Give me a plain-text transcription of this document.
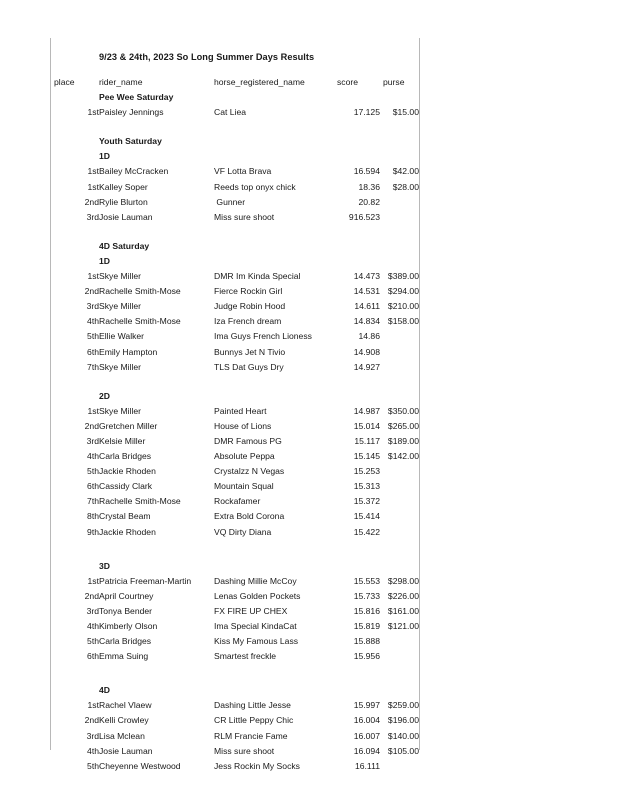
9/23 & 24th, 2023 So Long Summer Days Results
place	rider_name	horse_registered_name	score	purse
	Pee Wee Saturday			
1st	Paisley Jennings	Cat Liea	17.125	$15.00

	Youth Saturday			
	1D			
1st	Bailey McCracken	VF Lotta Brava	16.594	$42.00
1st	Kalley Soper	Reeds top onyx chick	18.36	$28.00
2nd	Rylie Blurton	Gunner	20.82	
3rd	Josie Lauman	Miss sure shoot	916.523	

	4D Saturday			
	1D			
1st	Skye Miller	DMR Im Kinda Special	14.473	$389.00
2nd	Rachelle Smith-Mose	Fierce Rockin Girl	14.531	$294.00
3rd	Skye Miller	Judge Robin Hood	14.611	$210.00
4th	Rachelle Smith-Mose	Iza French dream	14.834	$158.00
5th	Ellie Walker	Ima Guys French Lioness	14.86	
6th	Emily Hampton	Bunnys Jet N Tivio	14.908	
7th	Skye Miller	TLS Dat Guys Dry	14.927	

	2D			
1st	Skye Miller	Painted Heart	14.987	$350.00
2nd	Gretchen Miller	House of Lions	15.014	$265.00
3rd	Kelsie Miller	DMR Famous PG	15.117	$189.00
4th	Carla Bridges	Absolute Peppa	15.145	$142.00
5th	Jackie Rhoden	Crystalzz N Vegas	15.253	
6th	Cassidy Clark	Mountain Squal	15.313	
7th	Rachelle Smith-Mose	Rockafamer	15.372	
8th	Crystal Beam	Extra Bold Corona	15.414	
9th	Jackie Rhoden	VQ Dirty Diana	15.422	

	3D			
1st	Patricia Freeman-Martin	Dashing Millie McCoy	15.553	$298.00
2nd	April Courtney	Lenas Golden Pockets	15.733	$226.00
3rd	Tonya Bender	FX FIRE UP CHEX	15.816	$161.00
4th	Kimberly Olson	Ima Special KindaCat	15.819	$121.00
5th	Carla Bridges	Kiss My Famous Lass	15.888	
6th	Emma Suing	Smartest freckle	15.956	

	4D			
1st	Rachel Vlaew	Dashing Little Jesse	15.997	$259.00
2nd	Kelli Crowley	CR Little Peppy Chic	16.004	$196.00
3rd	Lisa Mclean	RLM Francie Fame	16.007	$140.00
4th	Josie Lauman	Miss sure shoot	16.094	$105.00
5th	Cheyenne Westwood	Jess Rockin My Socks	16.111	
